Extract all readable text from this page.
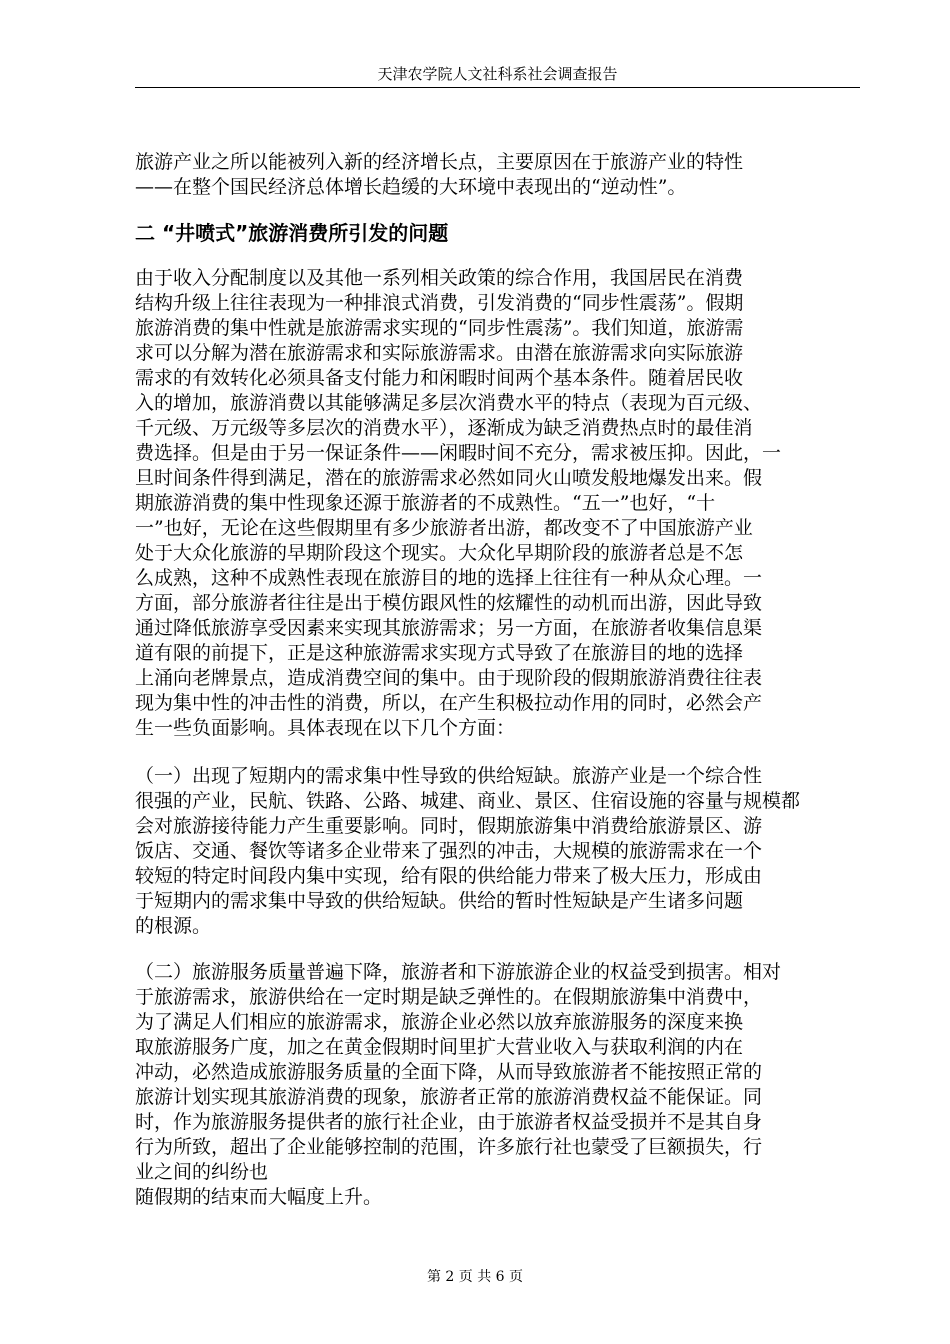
天津农学院人文社科系社会调查报告
旅游产业之所以能被列入新的经济增长点，主要原因在于旅游产业的特性
——在整个国民经济总体增长趋缓的大环境中表现出的“逆动性”。
二 “井喷式”旅游消费所引发的问题
由于收入分配制度以及其他一系列相关政策的综合作用，我国居民在消费
结构升级上往往表现为一种排浪式消费，引发消费的“同步性震荡”。假期
旅游消费的集中性就是旅游需求实现的“同步性震荡”。我们知道，旅游需
求可以分解为潜在旅游需求和实际旅游需求。由潜在旅游需求向实际旅游
需求的有效转化必须具备支付能力和闲暇时间两个基本条件。随着居民收
入的增加，旅游消费以其能够满足多层次消费水平的特点（表现为百元级、
千元级、万元级等多层次的消费水平），逐渐成为缺乏消费热点时的最佳消
费选择。但是由于另一保证条件——闲暇时间不充分，需求被压抑。因此，一
旦时间条件得到满足，潜在的旅游需求必然如同火山喷发般地爆发出来。假
期旅游消费的集中性现象还源于旅游者的不成熟性。“五一”也好，“十
一”也好，无论在这些假期里有多少旅游者出游，都改变不了中国旅游产业
处于大众化旅游的早期阶段这个现实。大众化早期阶段的旅游者总是不怎
么成熟，这种不成熟性表现在旅游目的地的选择上往往有一种从众心理。一
方面，部分旅游者往往是出于模仿跟风性的炫耀性的动机而出游，因此导致
通过降低旅游享受因素来实现其旅游需求；另一方面，在旅游者收集信息渠
道有限的前提下，正是这种旅游需求实现方式导致了在旅游目的地的选择
上涌向老牌景点，造成消费空间的集中。由于现阶段的假期旅游消费往往表
现为集中性的冲击性的消费，所以，在产生积极拉动作用的同时，必然会产
生一些负面影响。具体表现在以下几个方面：
（一）出现了短期内的需求集中性导致的供给短缺。旅游产业是一个综合性
很强的产业，民航、铁路、公路、城建、商业、景区、住宿设施的容量与规模都
会对旅游接待能力产生重要影响。同时，假期旅游集中消费给旅游景区、游
饭店、交通、餐饮等诸多企业带来了强烈的冲击，大规模的旅游需求在一个
较短的特定时间段内集中实现，给有限的供给能力带来了极大压力，形成由
于短期内的需求集中导致的供给短缺。供给的暂时性短缺是产生诸多问题
的根源。
（二）旅游服务质量普遍下降，旅游者和下游旅游企业的权益受到损害。相对
于旅游需求，旅游供给在一定时期是缺乏弹性的。在假期旅游集中消费中，
为了满足人们相应的旅游需求，旅游企业必然以放弃旅游服务的深度来换
取旅游服务广度，加之在黄金假期时间里扩大营业收入与获取利润的内在
冲动，必然造成旅游服务质量的全面下降，从而导致旅游者不能按照正常的
旅游计划实现其旅游消费的现象，旅游者正常的旅游消费权益不能保证。同
时，作为旅游服务提供者的旅行社企业，由于旅游者权益受损并不是其自身
行为所致，超出了企业能够控制的范围，许多旅行社也蒙受了巨额损失，行
业之间的纠纷也
随假期的结束而大幅度上升。
第 2 页 共 6 页
